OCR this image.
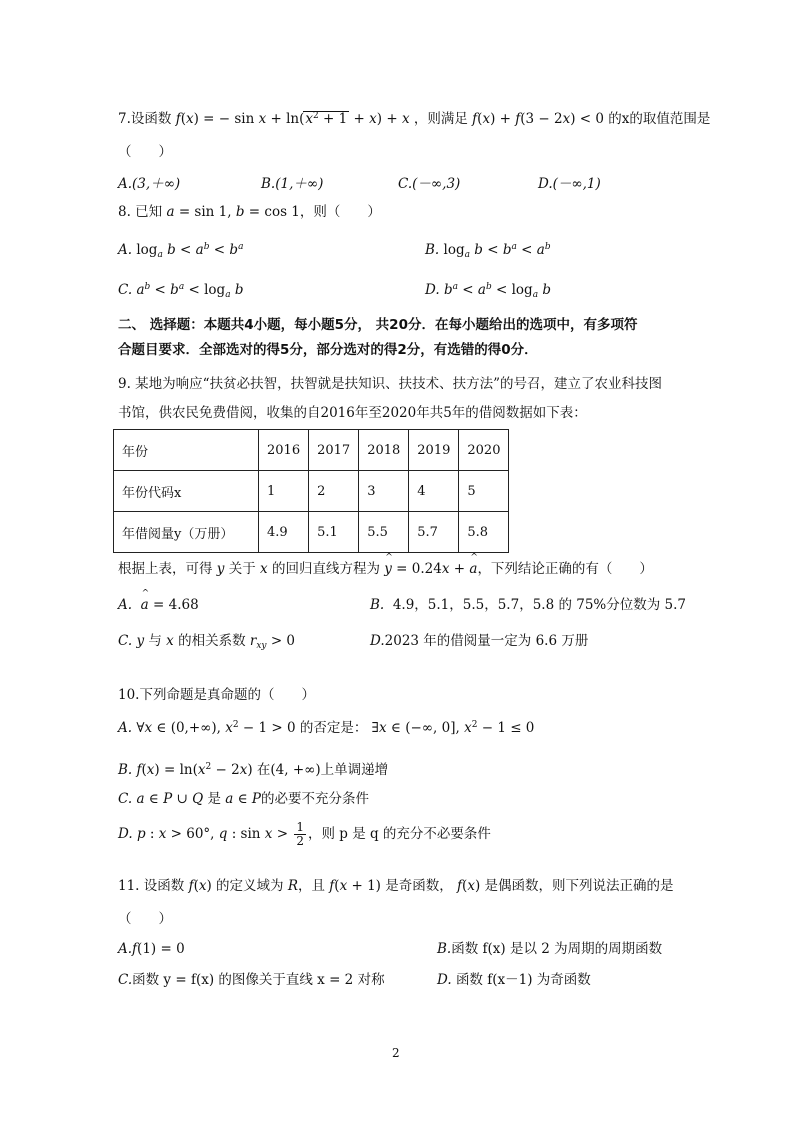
7.设函数 f(x) = − $\sin x + \ln(x^2 + 1 + x) + x$ ，则满足 f(x) + f(3 − 2x) < 0 的x的取值范围是
（　　）
A.(3,＋∞)	B.(1,＋∞)	C.(－∞,3)	D.(－∞,1)
8. 已知 a = sin 1, b = cos 1，则（　　）
A. $\log_a b < a^b < b^a$	B. $\log_a b < b^a < a^b$
C. $a^b < b^a < \log_a b$	D. $b^a < a^b < \log_a b$
二、 选择题：本题共4小题，每小题5分， 共20分．在每小题给出的选项中，有多项符
合题目要求．全部选对的得5分，部分选对的得2分，有选错的得0分．
9. 某地为响应“扶贫必扶智，扶智就是扶知识、扶技术、扶方法”的号召，建立了农业科技图
书馆，供农民免费借阅，收集的自2016年至2020年共5年的借阅数据如下表：
年份	2016	2017	2018	2019	2020
年份代码x	1	2	3	4	5
年借阅量y（万册）	4.9	5.1	5.5	5.7	5.8
根据上表，可得 y 关于 x 的回归直线方程为 ^ y = 0.24x + ^ a，下列结论正确的有（　　）
A. ^ a = 4.68	B. 4.9，5.1，5.5，5.7，5.8 的 75%分位数为 5.7
C. y 与 x 的相关系数 $r_{xy} > 0$	D.2023 年的借阅量一定为 6.6 万册
10.下列命题是真命题的（　　）
A. ∀x ∈ (0,+∞), $x^2 - 1 > 0$ 的否定是： ∃x ∈ (−∞, 0], $x^2 - 1 \le 0$
B. $f(x) = \ln(x^2 - 2x)$ 在(4, +∞)上单调递增
C. a ∈ P ∪ Q 是 a ∈ P的必要不充分条件
D. p : x > 60°, q : $\sin x > \frac{1}{2}$ ，则 p 是 q 的充分不必要条件
11. 设函数 f(x) 的定义域为 R，且 f(x + 1) 是奇函数， f(x) 是偶函数，则下列说法正确的是
（　　）
A.f(1) = 0	B.函数 f(x) 是以 2 为周期的周期函数
C.函数 y = f(x) 的图像关于直线 x = 2 对称	D. 函数 f(x－1) 为奇函数
2
